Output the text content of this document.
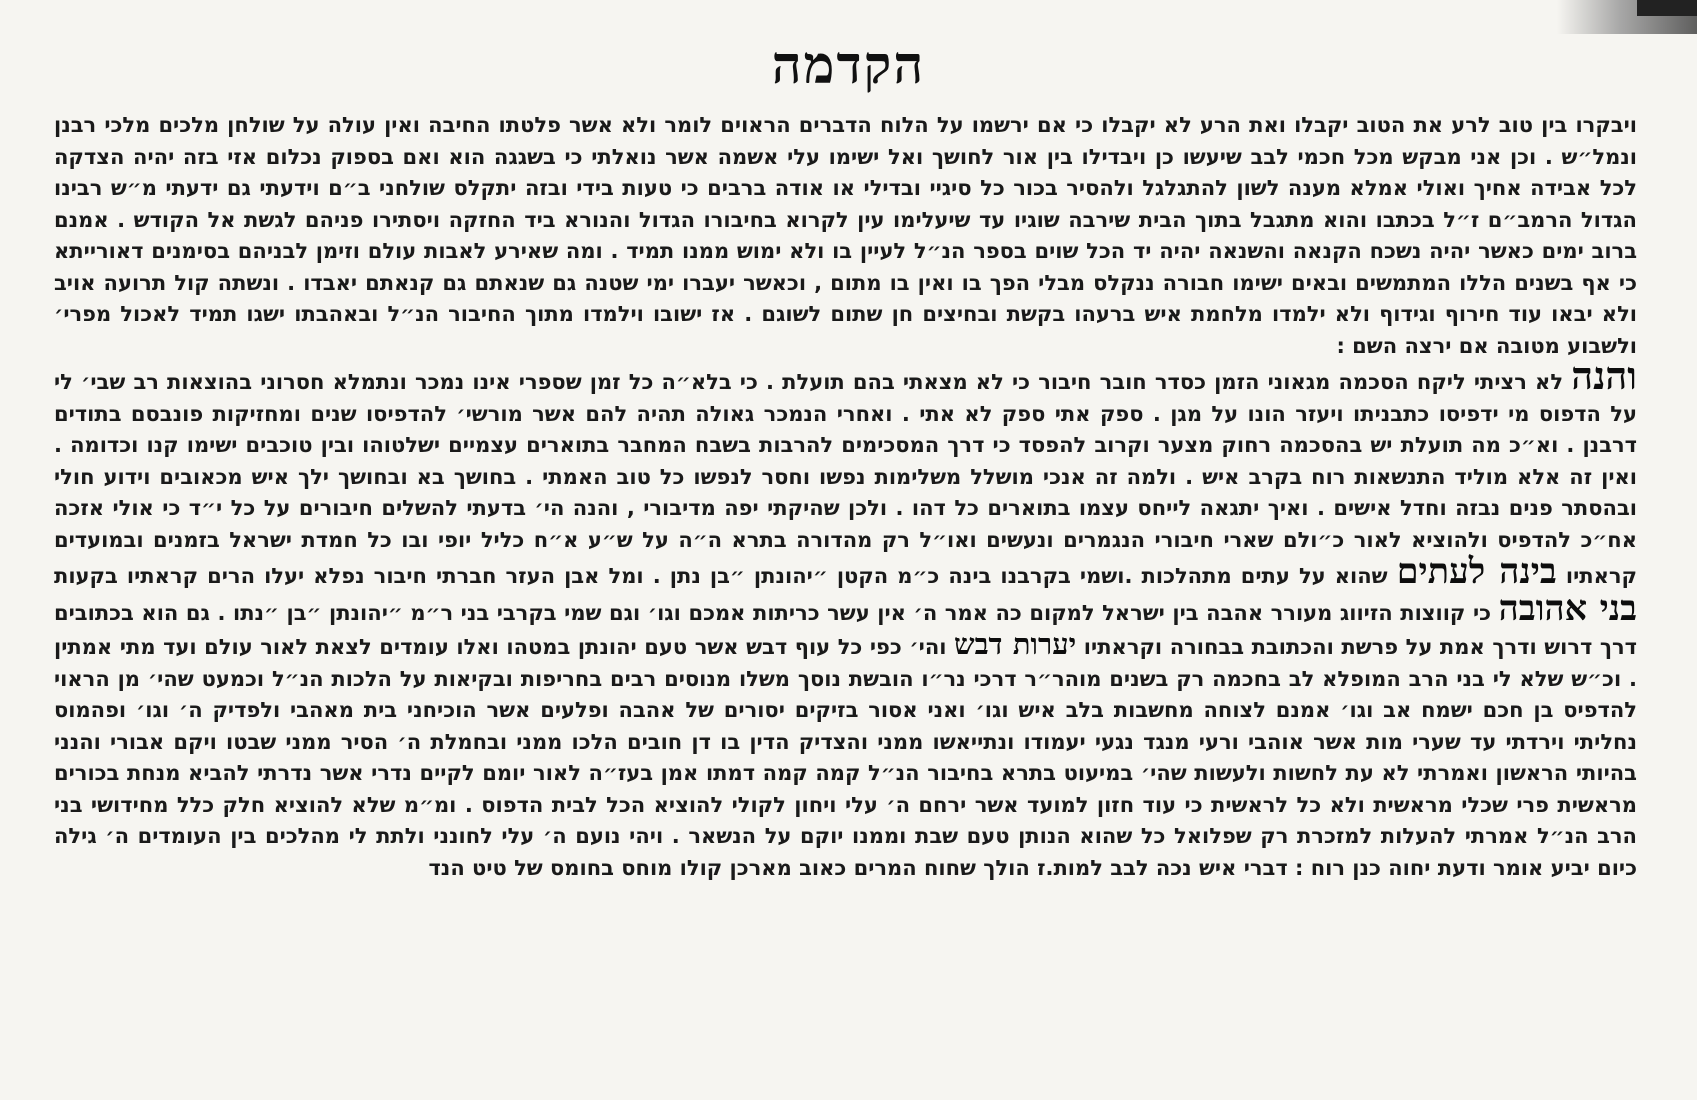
הקדמה

ויבקרו בין טוב לרע את הטוב יקבלו ואת הרע לא יקבלו כי אם ירשמו על הלוח הדברים הראוים לומר ולא אשר פלטתו החיבה ואין עולה על שולחן מלכים מלכי רבנן ונמל״ש . וכן אני מבקש מכל חכמי לבב שיעשו כן ויבדילו בין אור לחושך ואל ישימו עלי אשמה אשר נואלתי כי בשגגה הוא ואם בספוק נכלום אזי בזה יהיה הצדקה לכל אבידה אחיך ואולי אמלא מענה לשון להתגלגל ולהסיר בכור כל סיגיי ובדילי או אודה ברבים כי טעות בידי ובזה יתקלס שולחני ב״ם וידעתי גם ידעתי מ״ש רבינו הגדול הרמב״ם ז״ל בכתבו והוא מתגבל בתוך הבית שירבה שוגיו עד שיעלימו עין לקרוא בחיבורו הגדול והנורא ביד החזקה ויסתירו פניהם לגשת אל הקודש . אמנם ברוב ימים כאשר יהיה נשכח הקנאה והשנאה יהיה יד הכל שוים בספר הנ״ל לעיין בו ולא ימוש ממנו תמיד . ומה שאירע לאבות עולם וזימן לבניהם בסימנים דאורייתא כי אף בשנים הללו המתמשים ובאים ישימו חבורה ננקלס מבלי הפך בו ואין בו מתום , וכאשר יעברו ימי שטנה גם שנאתם גם קנאתם יאבדו . ונשתה קול תרועה אויב ולא יבאו עוד חירוף וגידוף ולא ילמדו מלחמת איש ברעהו בקשת ובחיצים חן שתום לשוגם . אז ישובו וילמדו מתוך החיבור הנ״ל ובאהבתו ישגו תמיד לאכול מפרי׳ ולשבוע מטובה אם ירצה השם :

והנה לא רציתי ליקח הסכמה מגאוני הזמן כסדר חובר חיבור כי לא מצאתי בהם תועלת . כי בלא״ה כל זמן שספרי אינו נמכר ונתמלא חסרוני בהוצאות רב שבי׳ לי על הדפוס מי ידפיסו כתבניתו ויעזר הונו על מגן . ספק אתי ספק לא אתי . ואחרי הנמכר גאולה תהיה להם אשר מורשי׳ להדפיסו שנים ומחזיקות פונבסם בתודים דרבנן . וא״כ מה תועלת יש בהסכמה רחוק מצער וקרוב להפסד כי דרך המסכימים להרבות בשבח המחבר בתוארים עצמיים ישלטוהו ובין טוכבים ישימו קנו וכדומה . ואין זה אלא מוליד התנשאות רוח בקרב איש . ולמה זה אנכי מושלל משלימות נפשו וחסר לנפשו כל טוב האמתי . בחושך בא ובחושך ילך איש מכאובים וידוע חולי ובהסתר פנים נבזה וחדל אישים . ואיך יתגאה לייחס עצמו בתוארים כל דהו . ולכן שהיקתי יפה מדיבורי , והנה הי׳ בדעתי להשלים חיבורים על כל י״ד כי אולי אזכה אח״כ להדפיס ולהוציא לאור כ״ולם שארי חיבורי הנגמרים ונעשים ואו״ל רק מהדורה בתרא ה״ה על ש״ע א״ח כליל יופי ובו כל חמדת ישראל בזמנים ובמועדים קראתיו בינה לעתים שהוא על עתים מתהלכות .ושמי בקרבנו בינה כ״מ הקטן ״יהונתן ״בן נתן . ומל אבן העזר חברתי חיבור נפלא יעלו הרים קראתיו בקעות בני אהובה כי קווצות הזיווג מעורר אהבה בין ישראל למקום כה אמר ה׳ אין עשר כריתות אמכם וגו׳ וגם שמי בקרבי בני ר״מ ״יהונתן ״בן ״נתו . גם הוא בכתובים דרך דרוש ודרך אמת על פרשת והכתובת בבחורה וקראתיו יערות דבש והי׳ כפי כל עוף דבש אשר טעם יהונתן במטהו ואלו עומדים לצאת לאור עולם ועד מתי אמתין . וכ״ש שלא לי בני הרב המופלא לב בחכמה רק בשנים מוהר״ר דרכי נר״ו הובשת נוסך משלו מנוסים רבים בחריפות ובקיאות על הלכות הנ״ל וכמעט שהי׳ מן הראוי להדפיס בן חכם ישמח אב וגו׳ אמנם לצוחה מחשבות בלב איש וגו׳ ואני אסור בזיקים יסורים של אהבה ופלעים אשר הוכיחני בית מאהבי ולפדיק ה׳ וגו׳ ופהמוס נחליתי וירדתי עד שערי מות אשר אוהבי ורעי מנגד נגעי יעמודו ונתייאשו ממני והצדיק הדין בו דן חובים הלכו ממני ובחמלת ה׳ הסיר ממני שבטו ויקם אבורי והנני בהיותי הראשון ואמרתי לא עת לחשות ולעשות שהי׳ במיעוט בתרא בחיבור הנ״ל קמה קמה דמתו אמן בעז״ה לאור יומם לקיים נדרי אשר נדרתי להביא מנחת בכורים מראשית פרי שכלי מראשית ולא כל לראשית כי עוד חזון למועד אשר ירחם ה׳ עלי ויחון לקולי להוציא הכל לבית הדפוס . ומ״מ שלא להוציא חלק כלל מחידושי בני הרב הנ״ל אמרתי להעלות למזכרת רק שפלואל כל שהוא הנותן טעם שבת וממנו יוקם על הנשאר . ויהי נועם ה׳ עלי לחונני ולתת לי מהלכים בין העומדים ה׳ גילה כיום יביע אומר ודעת יחוה כנן רוח : דברי איש נכה לבב למות.ז הולך שחוח המרים כאוב מארכן קולו מוחס בחומס של טיט הנד
